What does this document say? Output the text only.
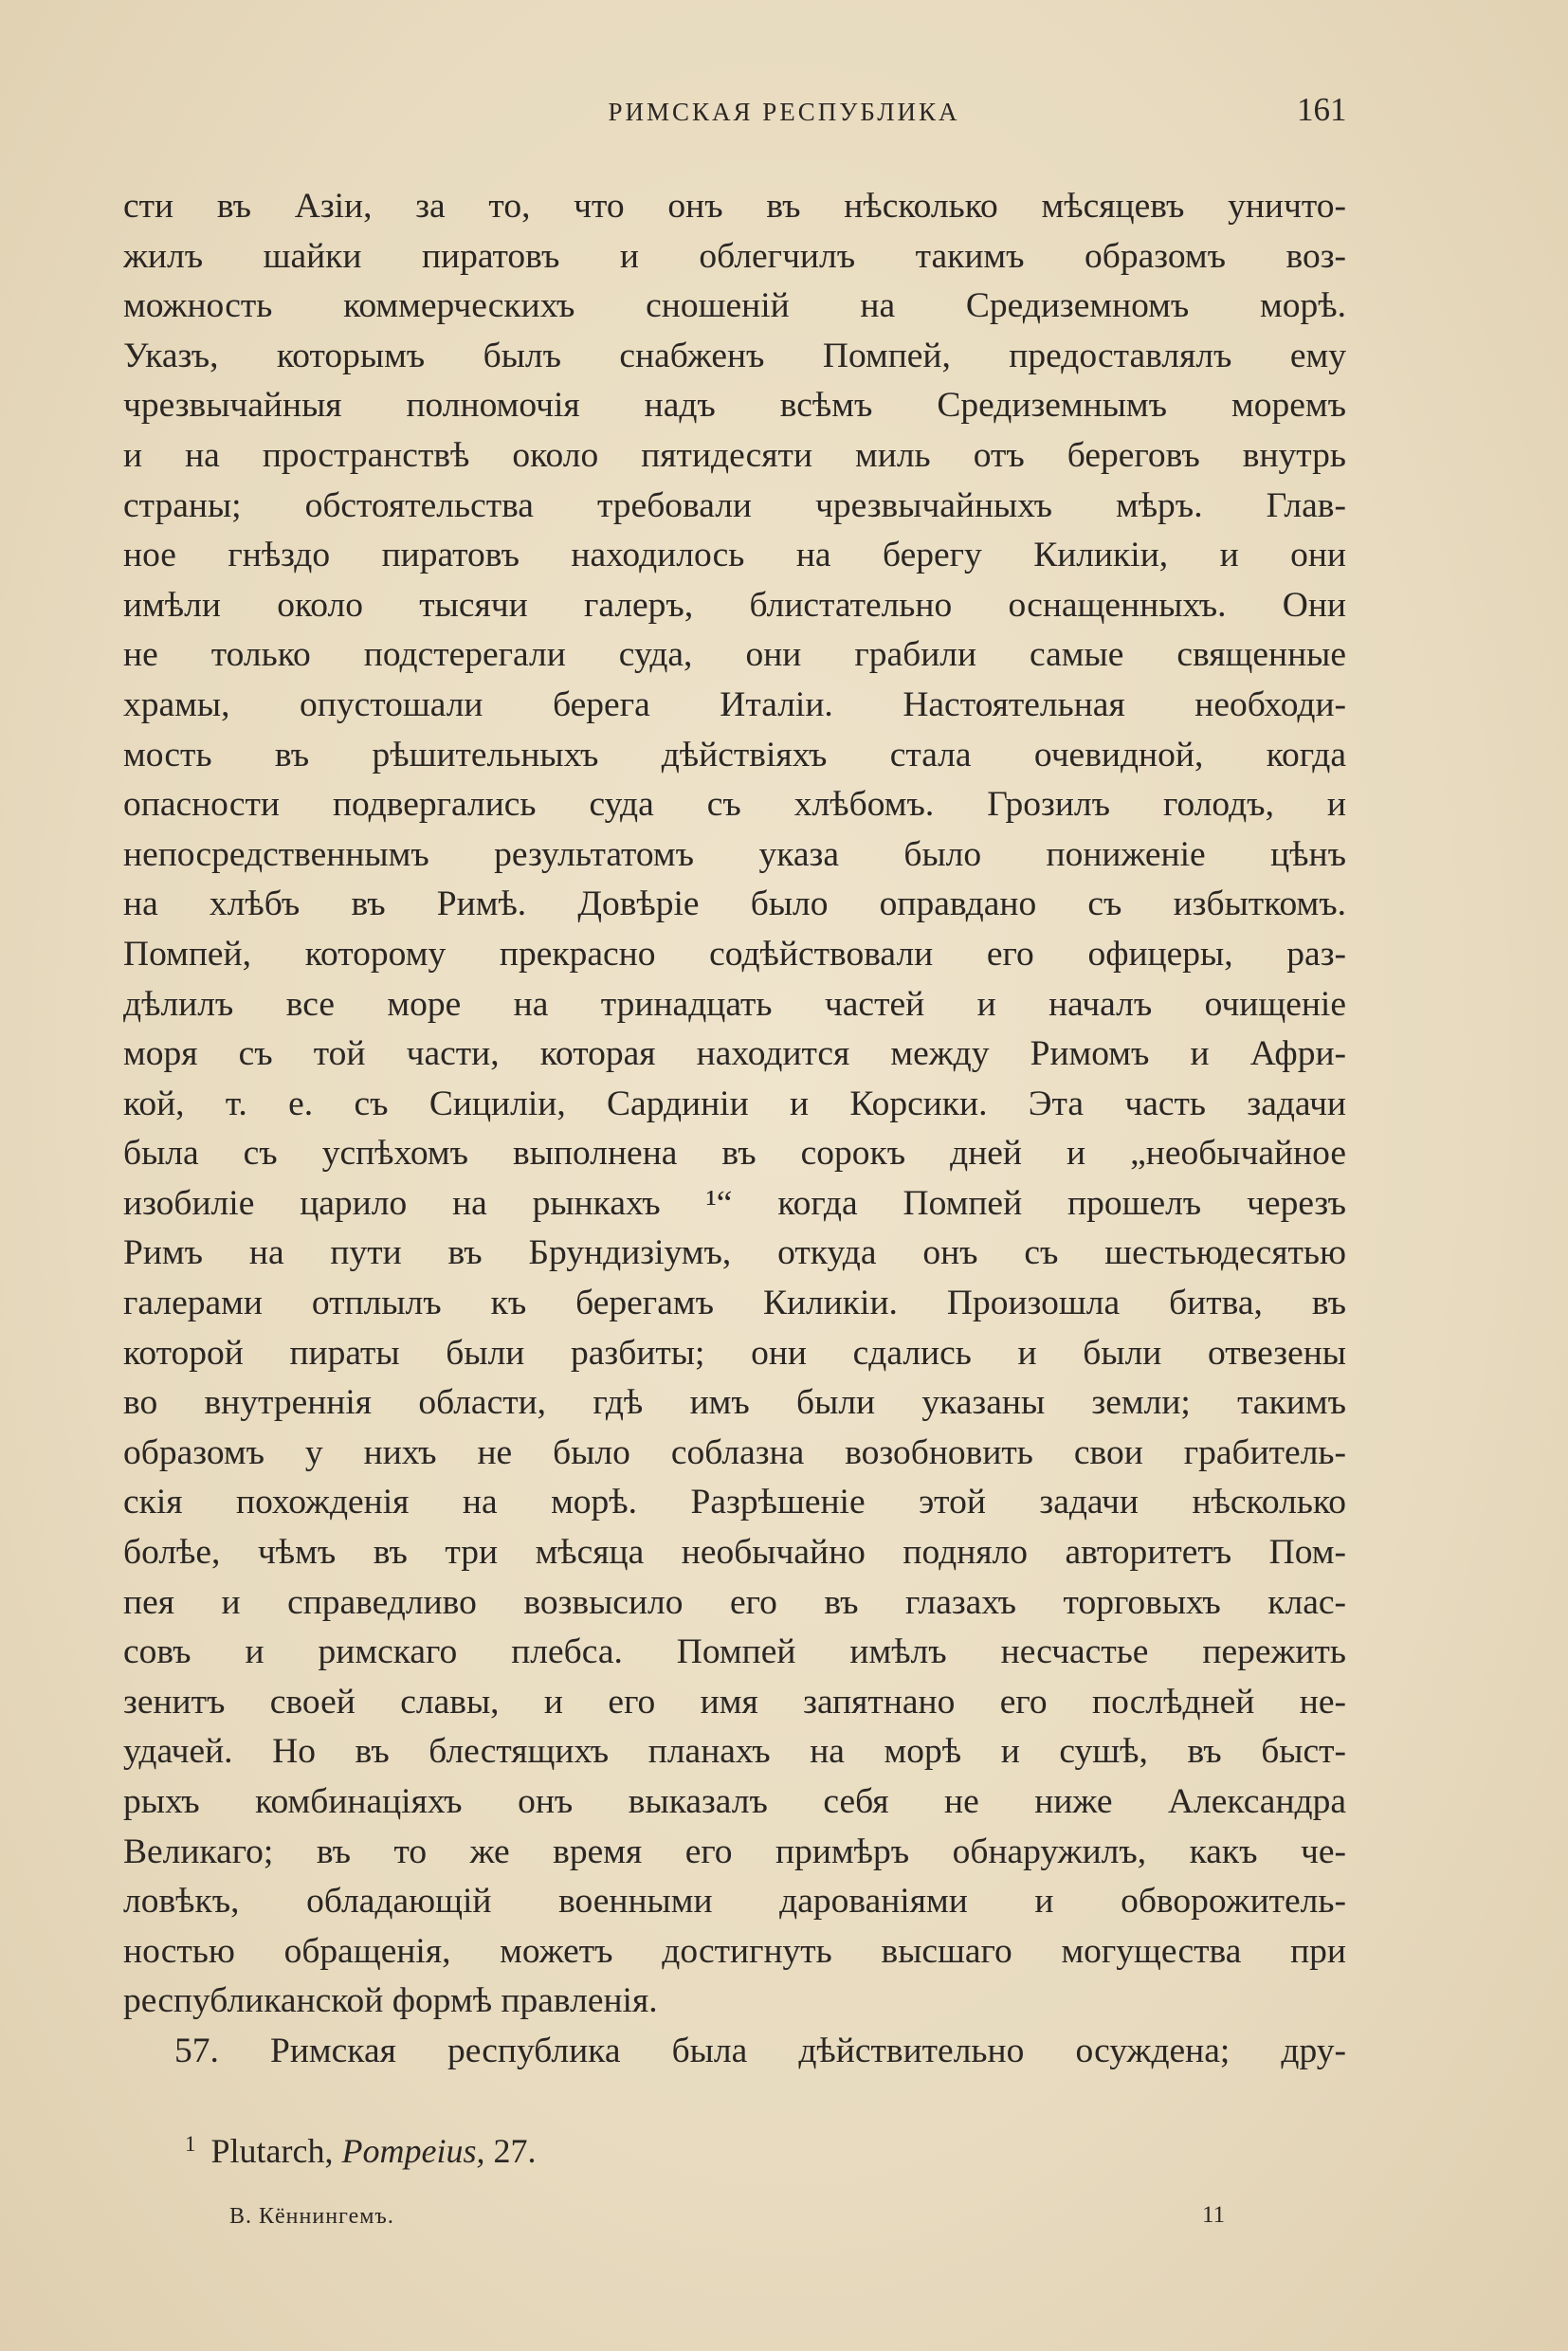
РИМСКАЯ РЕСПУБЛИКА	161
сти въ Азіи, за то, что онъ въ нѣсколько мѣсяцевъ уничто-
жилъ шайки пиратовъ и облегчилъ такимъ образомъ воз-
можность коммерческихъ сношеній на Средиземномъ морѣ.
Указъ, которымъ былъ снабженъ Помпей, предоставлялъ ему
чрезвычайныя полномочія надъ всѣмъ Средиземнымъ моремъ
и на пространствѣ около пятидесяти миль отъ береговъ внутрь
страны; обстоятельства требовали чрезвычайныхъ мѣръ. Глав-
ное гнѣздо пиратовъ находилось на берегу Киликіи, и они
имѣли около тысячи галеръ, блистательно оснащенныхъ. Они
не только подстерегали суда, они грабили самые священные
храмы, опустошали берега Италіи. Настоятельная необходи-
мость въ рѣшительныхъ дѣйствіяхъ стала очевидной, когда
опасности подвергались суда съ хлѣбомъ. Грозилъ голодъ, и
непосредственнымъ результатомъ указа было пониженіе цѣнъ
на хлѣбъ въ Римѣ. Довѣріе было оправдано съ избыткомъ.
Помпей, которому прекрасно содѣйствовали его офицеры, раз-
дѣлилъ все море на тринадцать частей и началъ очищеніе
моря съ той части, которая находится между Римомъ и Афри-
кой, т. е. съ Сициліи, Сардиніи и Корсики. Эта часть задачи
была съ успѣхомъ выполнена въ сорокъ дней и „необычайное
изобиліе царило на рынкахъ ¹“ когда Помпей прошелъ черезъ
Римъ на пути въ Брундизіумъ, откуда онъ съ шестьюдесятью
галерами отплылъ къ берегамъ Киликіи. Произошла битва, въ
которой пираты были разбиты; они сдались и были отвезены
во внутреннія области, гдѣ имъ были указаны земли; такимъ
образомъ у нихъ не было соблазна возобновить свои грабитель-
скія похожденія на морѣ. Разрѣшеніе этой задачи нѣсколько
болѣе, чѣмъ въ три мѣсяца необычайно подняло авторитетъ Пом-
пея и справедливо возвысило его въ глазахъ торговыхъ клас-
совъ и римскаго плебса. Помпей имѣлъ несчастье пережить
зенитъ своей славы, и его имя запятнано его послѣдней не-
удачей. Но въ блестящихъ планахъ на морѣ и сушѣ, въ быст-
рыхъ комбинаціяхъ онъ выказалъ себя не ниже Александра
Великаго; въ то же время его примѣръ обнаружилъ, какъ че-
ловѣкъ, обладающій военными дарованіями и обворожитель-
ностью обращенія, можетъ достигнуть высшаго могущества при
республиканской формѣ правленія.
57. Римская республика была дѣйствительно осуждена; дру-
$^1$ Plutarch, Pompeius, 27.
В. Кённингемъ.	11
